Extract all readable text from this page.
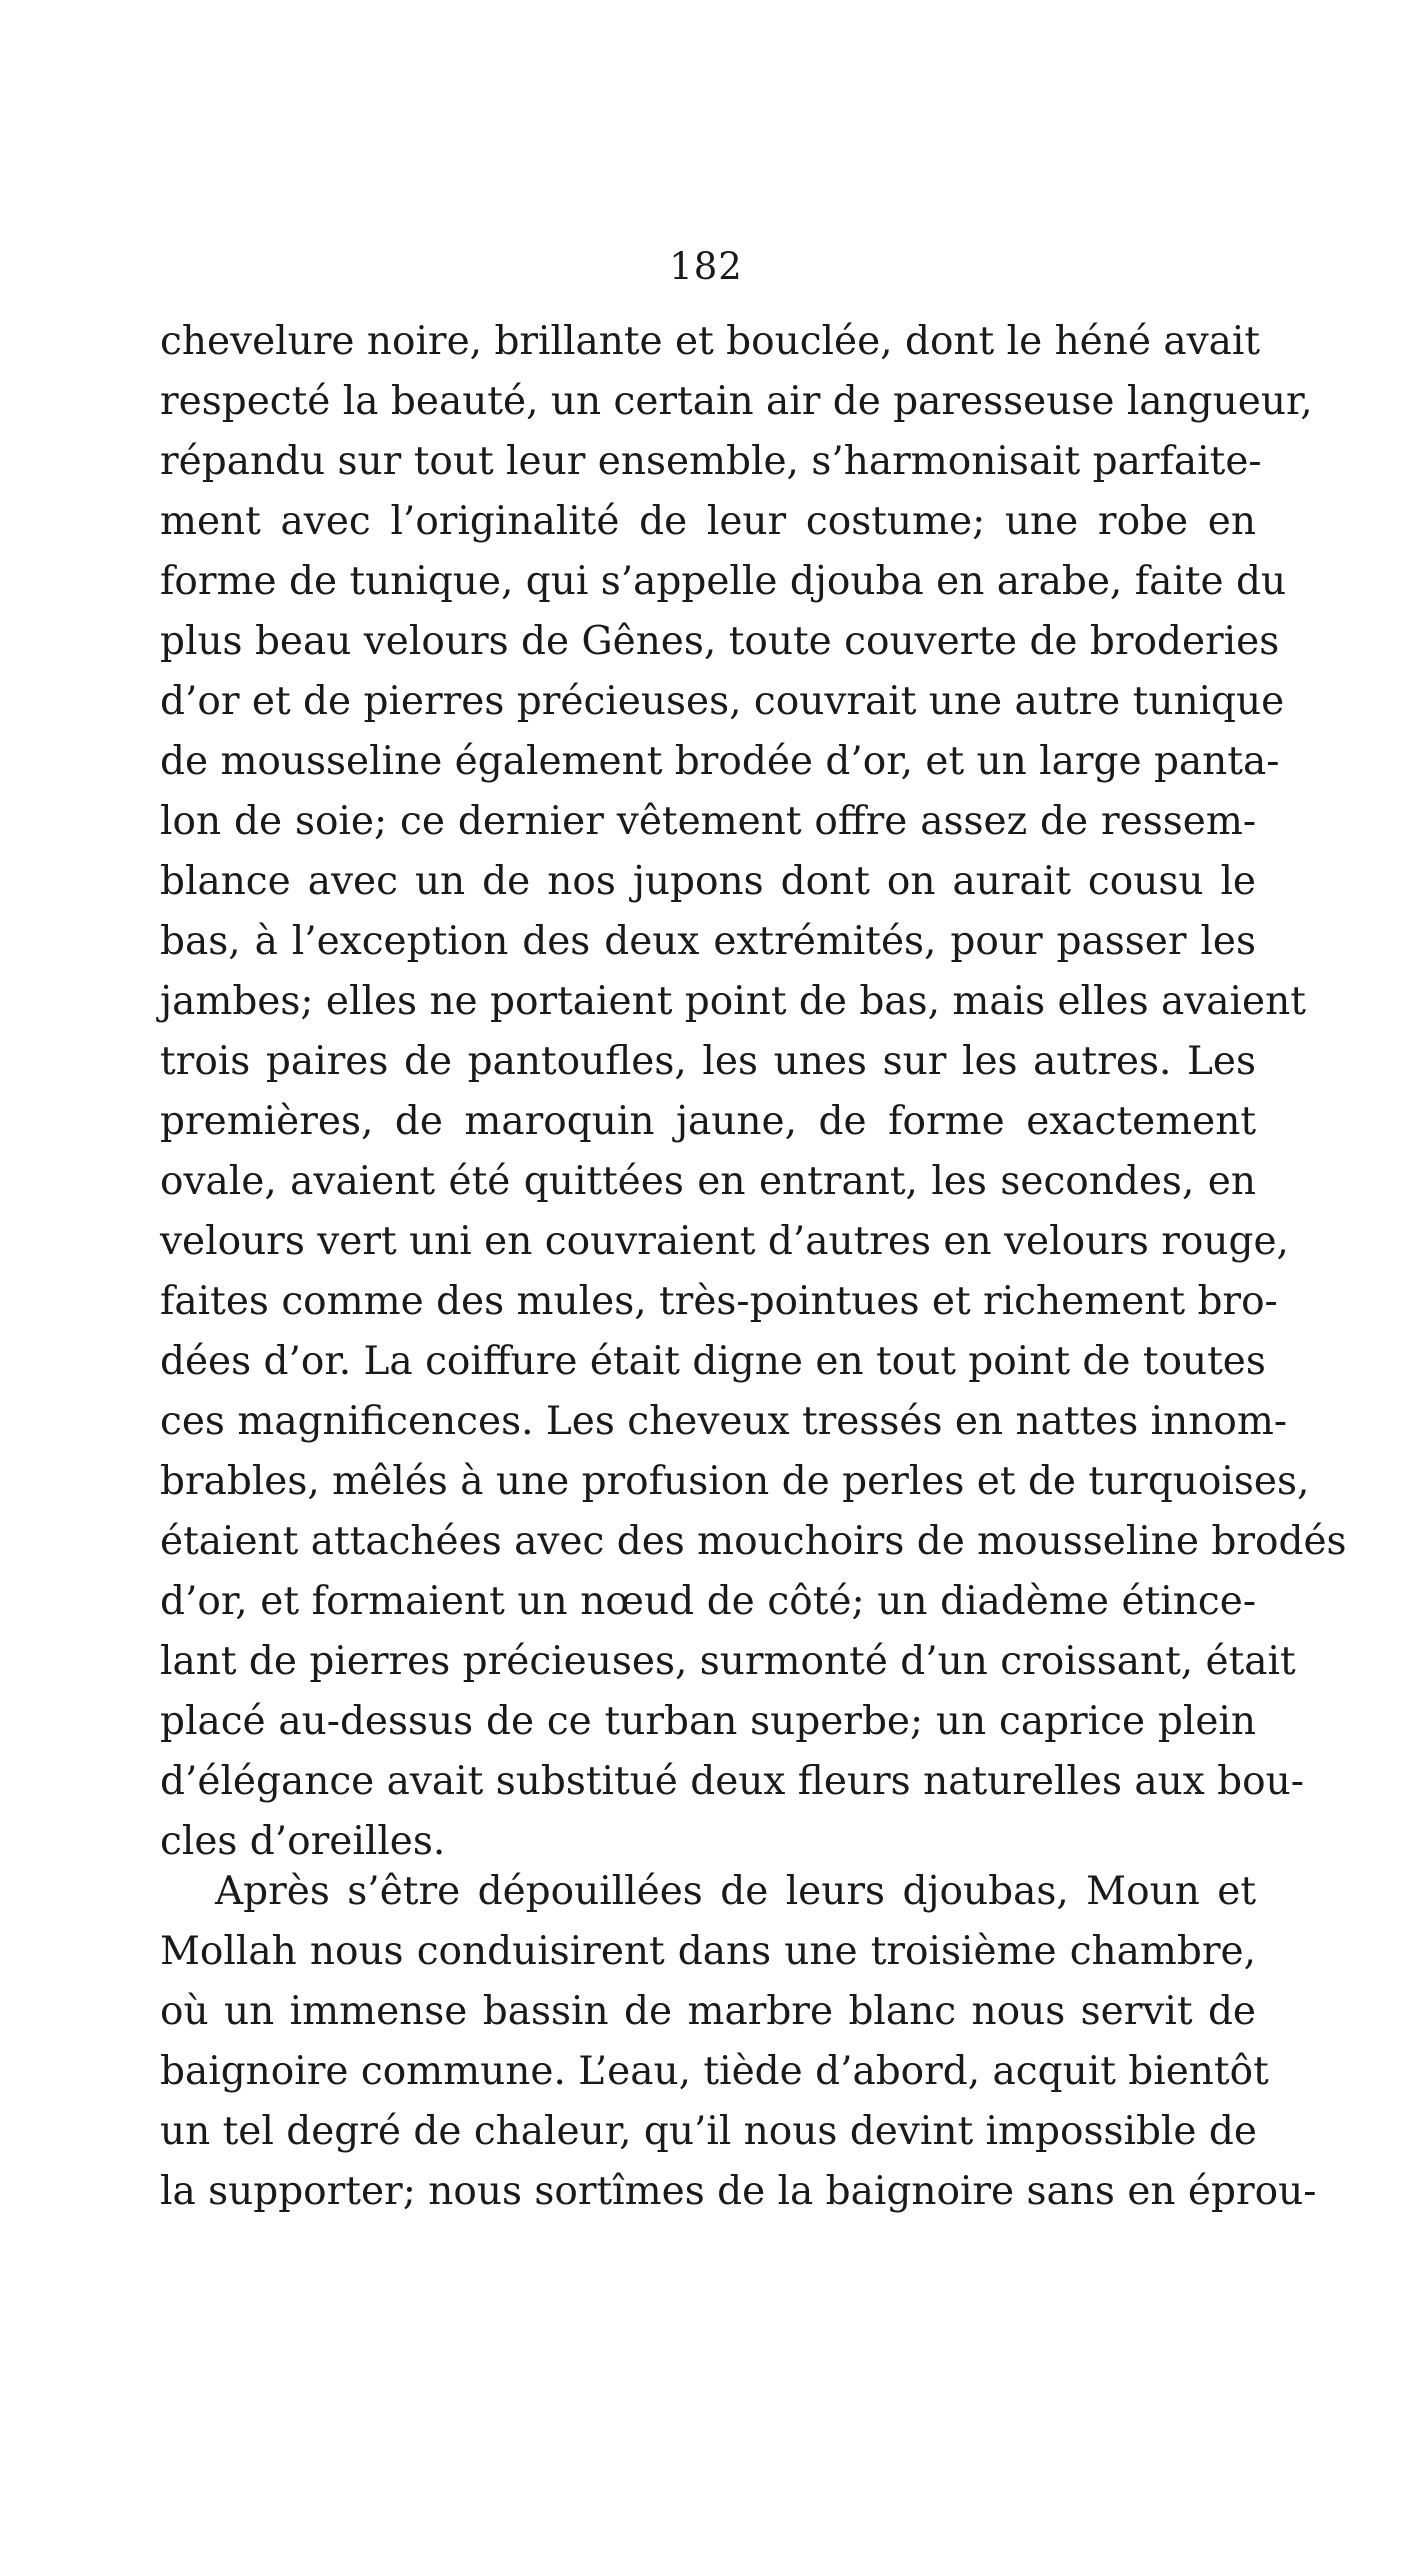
182
chevelure noire, brillante et bouclée, dont le héné avait
respecté la beauté, un certain air de paresseuse langueur,
répandu sur tout leur ensemble, s’harmonisait parfaite-
ment avec l’originalité de leur costume; une robe en
forme de tunique, qui s’appelle djouba en arabe, faite du
plus beau velours de Gênes, toute couverte de broderies
d’or et de pierres précieuses, couvrait une autre tunique
de mousseline également brodée d’or, et un large panta-
lon de soie; ce dernier vêtement offre assez de ressem-
blance avec un de nos jupons dont on aurait cousu le
bas, à l’exception des deux extrémités, pour passer les
jambes; elles ne portaient point de bas, mais elles avaient
trois paires de pantoufles, les unes sur les autres. Les
premières, de maroquin jaune, de forme exactement
ovale, avaient été quittées en entrant, les secondes, en
velours vert uni en couvraient d’autres en velours rouge,
faites comme des mules, très-pointues et richement bro-
dées d’or. La coiffure était digne en tout point de toutes
ces magnificences. Les cheveux tressés en nattes innom-
brables, mêlés à une profusion de perles et de turquoises,
étaient attachées avec des mouchoirs de mousseline brodés
d’or, et formaient un nœud de côté; un diadème étince-
lant de pierres précieuses, surmonté d’un croissant, était
placé au-dessus de ce turban superbe; un caprice plein
d’élégance avait substitué deux fleurs naturelles aux bou-
cles d’oreilles.
Après s’être dépouillées de leurs djoubas, Moun et
Mollah nous conduisirent dans une troisième chambre,
où un immense bassin de marbre blanc nous servit de
baignoire commune. L’eau, tiède d’abord, acquit bientôt
un tel degré de chaleur, qu’il nous devint impossible de
la supporter; nous sortîmes de la baignoire sans en éprou-
